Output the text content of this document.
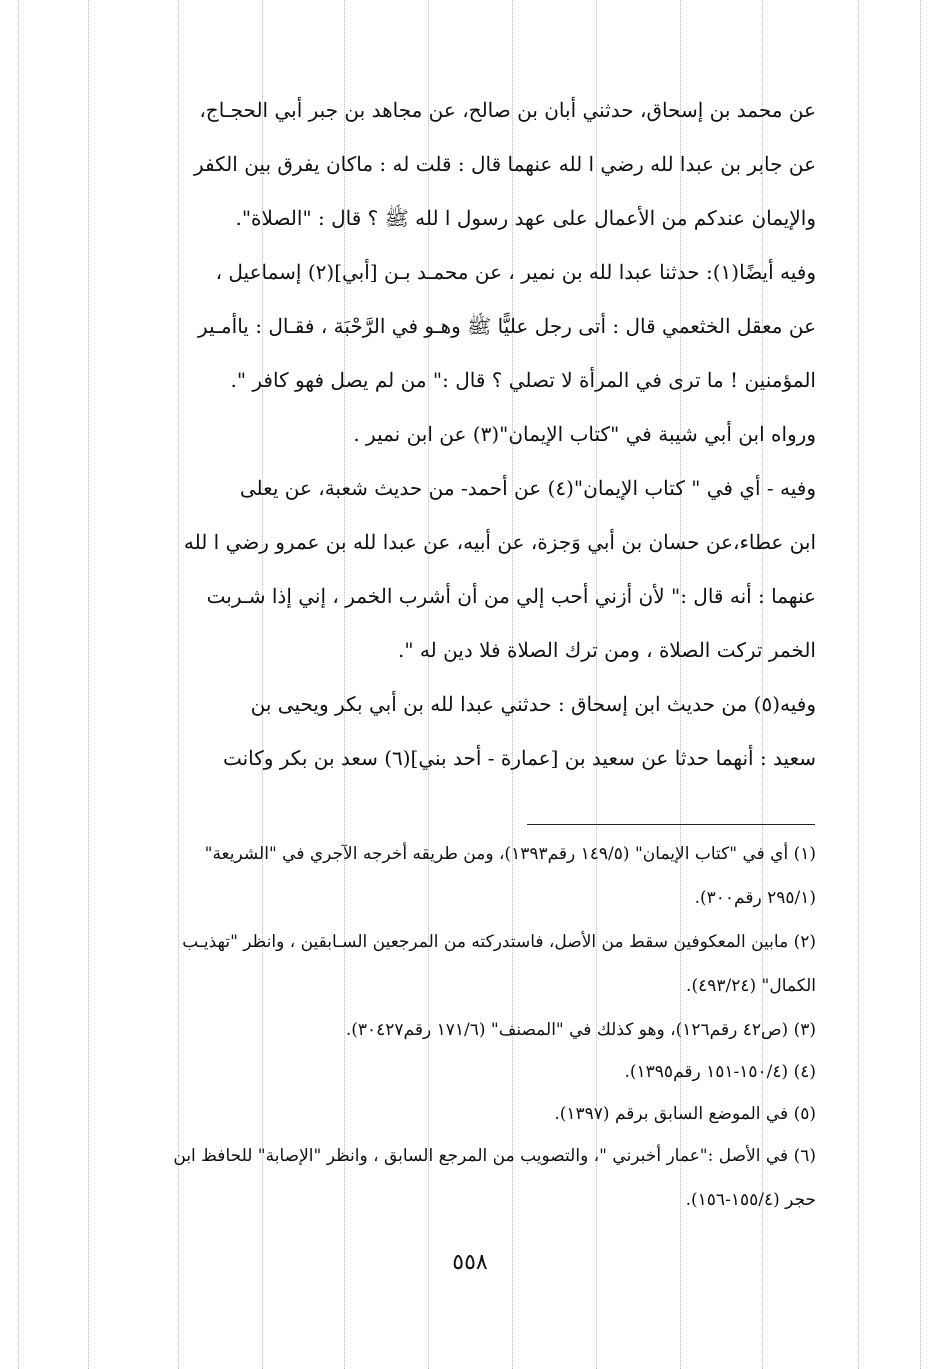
عن محمد بن إسحاق، حدثني أبان بن صالح، عن مجاهد بن جبر أبي الحجـاج،
عن جابر بن عبدا لله رضي ا لله عنهما قال : قلت له : ماكان يفرق بين الكفر
والإيمان عندكم من الأعمال على عهد رسول ا لله ﷺ ؟ قال : "الصلاة".
وفيه أيضًا(١): حدثنا عبدا لله بن نمير ، عن محمـد بـن [أبي](٢) إسماعيل ،
عن معقل الخثعمي قال : أتى رجل عليًّا ﷺ وهـو في الرَّحْبَة ، فقـال : ياأمـير
المؤمنين ! ما ترى في المرأة لا تصلي ؟ قال :" من لم يصل فهو كافر ".
ورواه ابن أبي شيبة في "كتاب الإيمان"(٣) عن ابن نمير .
وفيه - أي في " كتاب الإيمان"(٤) عن أحمد- من حديث شعبة، عن يعلى
ابن عطاء،عن حسان بن أبي وَجزة، عن أبيه، عن عبدا لله بن عمرو رضي ا لله
عنهما : أنه قال :" لأن أزني أحب إلي من أن أشرب الخمر ، إني إذا شـربت
الخمر تركت الصلاة ، ومن ترك الصلاة فلا دين له ".
وفيه(٥) من حديث ابن إسحاق : حدثني عبدا لله بن أبي بكر ويحيى بن
سعيد : أنهما حدثا عن سعيد بن [عمارة - أحد بني](٦) سعد بن بكر وكانت
(١) أي في "كتاب الإيمان" (١٤٩/٥ رقم١٣٩٣)، ومن طريقه أخرجه الآجري في "الشريعة"
(٢٩٥/١ رقم٣٠٠).
(٢) مابين المعكوفين سقط من الأصل، فاستدركته من المرجعين السـابقين ، وانظر "تهذيـب
الكمال" (٤٩٣/٢٤).
(٣) (ص٤٢ رقم١٢٦)، وهو كذلك في "المصنف" (١٧١/٦ رقم٣٠٤٢٧).
(٤) (١٥٠/٤-١٥١ رقم١٣٩٥).
(٥) في الموضع السابق برقم (١٣٩٧).
(٦) في الأصل :"عمار أخبرني "، والتصويب من المرجع السابق ، وانظر "الإصابة" للحافظ ابن
حجر (١٥٥/٤-١٥٦).
٥٥٨
